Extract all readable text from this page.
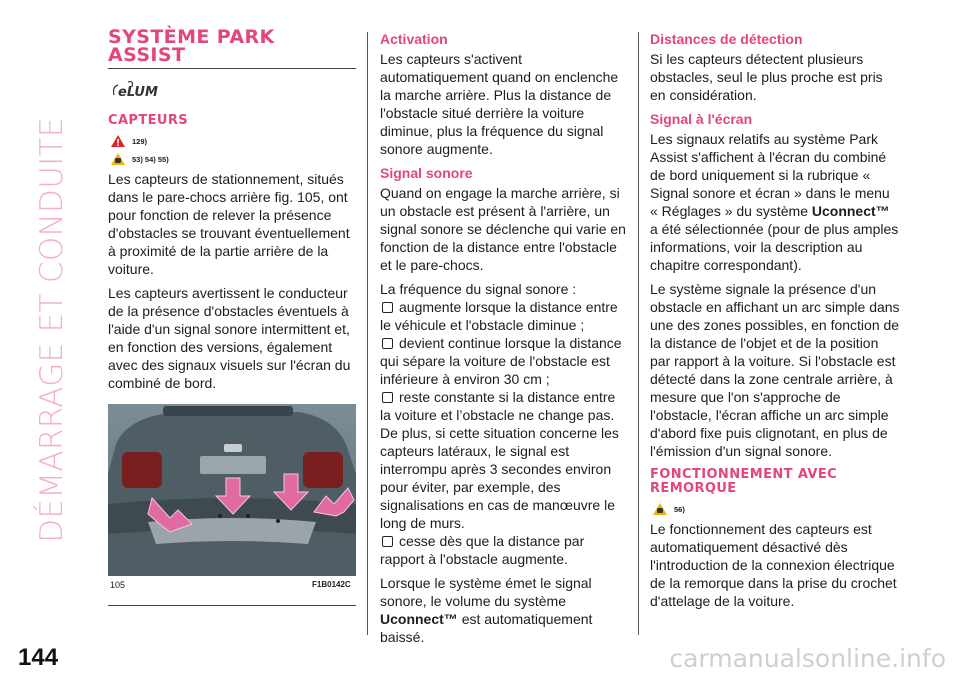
DÉMARRAGE ET CONDUITE
144	carmanualsonline.info
SYSTÈME PARK ASSIST
eLUM
CAPTEURS
129)
53) 54) 55)

Les capteurs de stationnement, situés dans le pare-chocs arrière fig. 105, ont pour fonction de relever la présence d'obstacles se trouvant éventuellement à proximité de la partie arrière de la voiture.

Les capteurs avertissent le conducteur de la présence d'obstacles éventuels à l'aide d'un signal sonore intermittent et, en fonction des versions, également avec des signaux visuels sur l'écran du combiné de bord.

105	F1B0142C
Activation

Les capteurs s'activent automatiquement quand on enclenche la marche arrière. Plus la distance de l'obstacle situé derrière la voiture diminue, plus la fréquence du signal sonore augmente.

Signal sonore

Quand on engage la marche arrière, si un obstacle est présent à l'arrière, un signal sonore se déclenche qui varie en fonction de la distance entre l'obstacle et le pare-chocs.

La fréquence du signal sonore :

augmente lorsque la distance entre le véhicule et l'obstacle diminue ;

devient continue lorsque la distance qui sépare la voiture de l'obstacle est inférieure à environ 30 cm ;

reste constante si la distance entre la voiture et l’obstacle ne change pas. De plus, si cette situation concerne les capteurs latéraux, le signal est interrompu après 3 secondes environ pour éviter, par exemple, des signalisations en cas de manœuvre le long de murs.

cesse dès que la distance par rapport à l'obstacle augmente.

Lorsque le système émet le signal sonore, le volume du système Uconnect™ est automatiquement baissé.

Distances de détection

Si les capteurs détectent plusieurs obstacles, seul le plus proche est pris en considération.

Signal à l'écran

Les signaux relatifs au système Park Assist s'affichent à l'écran du combiné de bord uniquement si la rubrique « Signal sonore et écran » dans le menu « Réglages » du système Uconnect™ a été sélectionnée (pour de plus amples informations, voir la description au chapitre correspondant).

Le système signale la présence d'un obstacle en affichant un arc simple dans une des zones possibles, en fonction de la distance de l'objet et de la position par rapport à la voiture. Si l'obstacle est détecté dans la zone centrale arrière, à mesure que l'on s'approche de l'obstacle, l'écran affiche un arc simple d'abord fixe puis clignotant, en plus de l'émission d'un signal sonore.

FONCTIONNEMENT AVEC REMORQUE
56)

Le fonctionnement des capteurs est automatiquement désactivé dès l'introduction de la connexion électrique de la remorque dans la prise du crochet d'attelage de la voiture.
